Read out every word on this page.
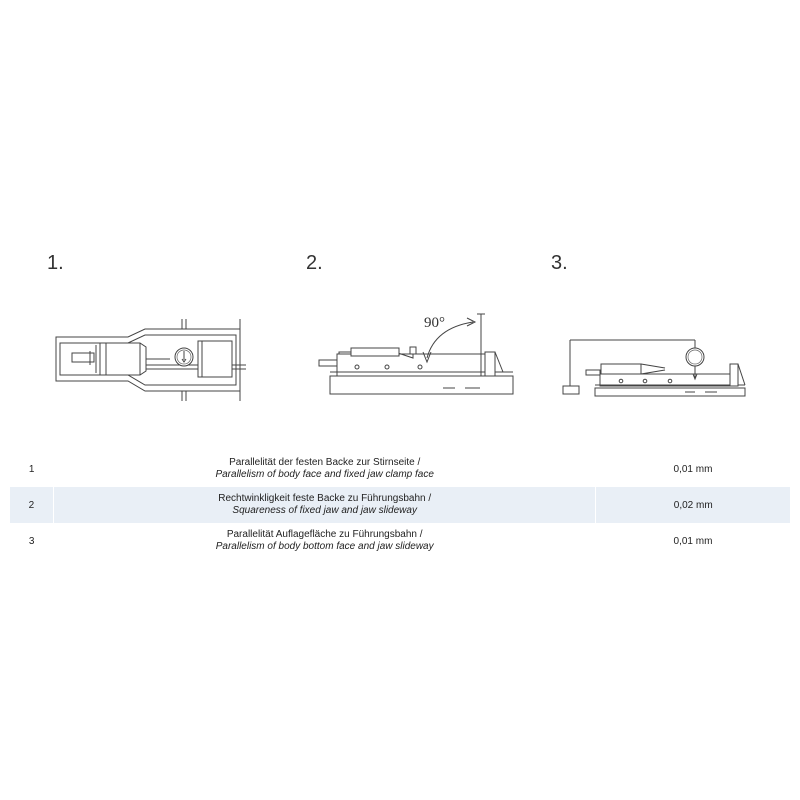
1.	2.	3.
90°
1	Parallelität der festen Backe zur Stirnseite /
Parallelism of body face and fixed jaw clamp face	0,01 mm
2	Rechtwinkligkeit feste Backe zu Führungsbahn /
Squareness of fixed jaw and jaw slideway	0,02 mm
3	Parallelität Auflagefläche zu Führungsbahn /
Parallelism of body bottom face and jaw slideway	0,01 mm
